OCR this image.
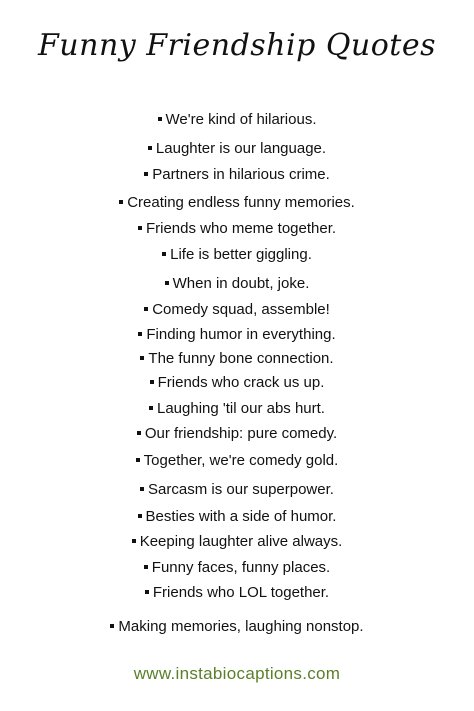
Funny Friendship Quotes
We're kind of hilarious.
Laughter is our language.
Partners in hilarious crime.
Creating endless funny memories.
Friends who meme together.
Life is better giggling.
When in doubt, joke.
Comedy squad, assemble!
Finding humor in everything.
The funny bone connection.
Friends who crack us up.
Laughing 'til our abs hurt.
Our friendship: pure comedy.
Together, we're comedy gold.
Sarcasm is our superpower.
Besties with a side of humor.
Keeping laughter alive always.
Funny faces, funny places.
Friends who LOL together.
Making memories, laughing nonstop.
www.instabiocaptions.com
